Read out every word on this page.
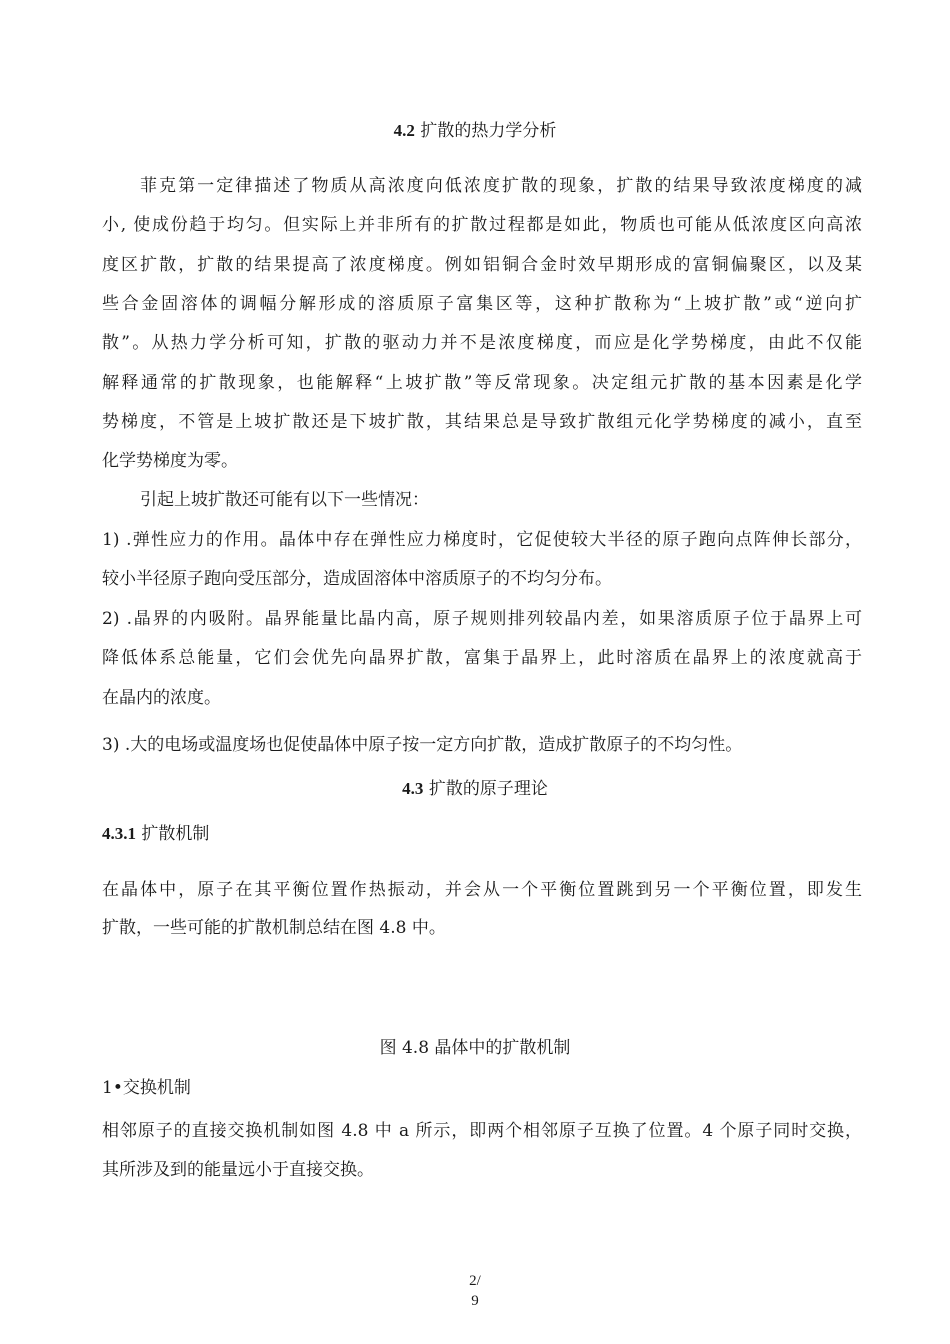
4.2 扩散的热力学分析
菲克第一定律描述了物质从高浓度向低浓度扩散的现象，扩散的结果导致浓度梯度的减
小, 使成份趋于均匀。但实际上并非所有的扩散过程都是如此，物质也可能从低浓度区向高浓
度区扩散，扩散的结果提高了浓度梯度。例如铝铜合金时效早期形成的富铜偏聚区，以及某
些合金固溶体的调幅分解形成的溶质原子富集区等，这种扩散称为“上坡扩散”或“逆向扩
散”。从热力学分析可知，扩散的驱动力并不是浓度梯度，而应是化学势梯度，由此不仅能
解释通常的扩散现象，也能解释“上坡扩散”等反常现象。决定组元扩散的基本因素是化学
势梯度，不管是上坡扩散还是下坡扩散，其结果总是导致扩散组元化学势梯度的减小，直至
化学势梯度为零。
引起上坡扩散还可能有以下一些情况：
1) .弹性应力的作用。晶体中存在弹性应力梯度时，它促使较大半径的原子跑向点阵伸长部分，
较小半径原子跑向受压部分，造成固溶体中溶质原子的不均匀分布。
2) .晶界的内吸附。晶界能量比晶内高，原子规则排列较晶内差，如果溶质原子位于晶界上可
降低体系总能量，它们会优先向晶界扩散，富集于晶界上，此时溶质在晶界上的浓度就高于
在晶内的浓度。
3) .大的电场或温度场也促使晶体中原子按一定方向扩散，造成扩散原子的不均匀性。
4.3 扩散的原子理论
4.3.1 扩散机制
在晶体中，原子在其平衡位置作热振动，并会从一个平衡位置跳到另一个平衡位置，即发生
扩散，一些可能的扩散机制总结在图 4.8 中。
图 4.8 晶体中的扩散机制
1•交换机制
相邻原子的直接交换机制如图 4.8 中 a 所示，即两个相邻原子互换了位置。4 个原子同时交换，
其所涉及到的能量远小于直接交换。
2/
9
